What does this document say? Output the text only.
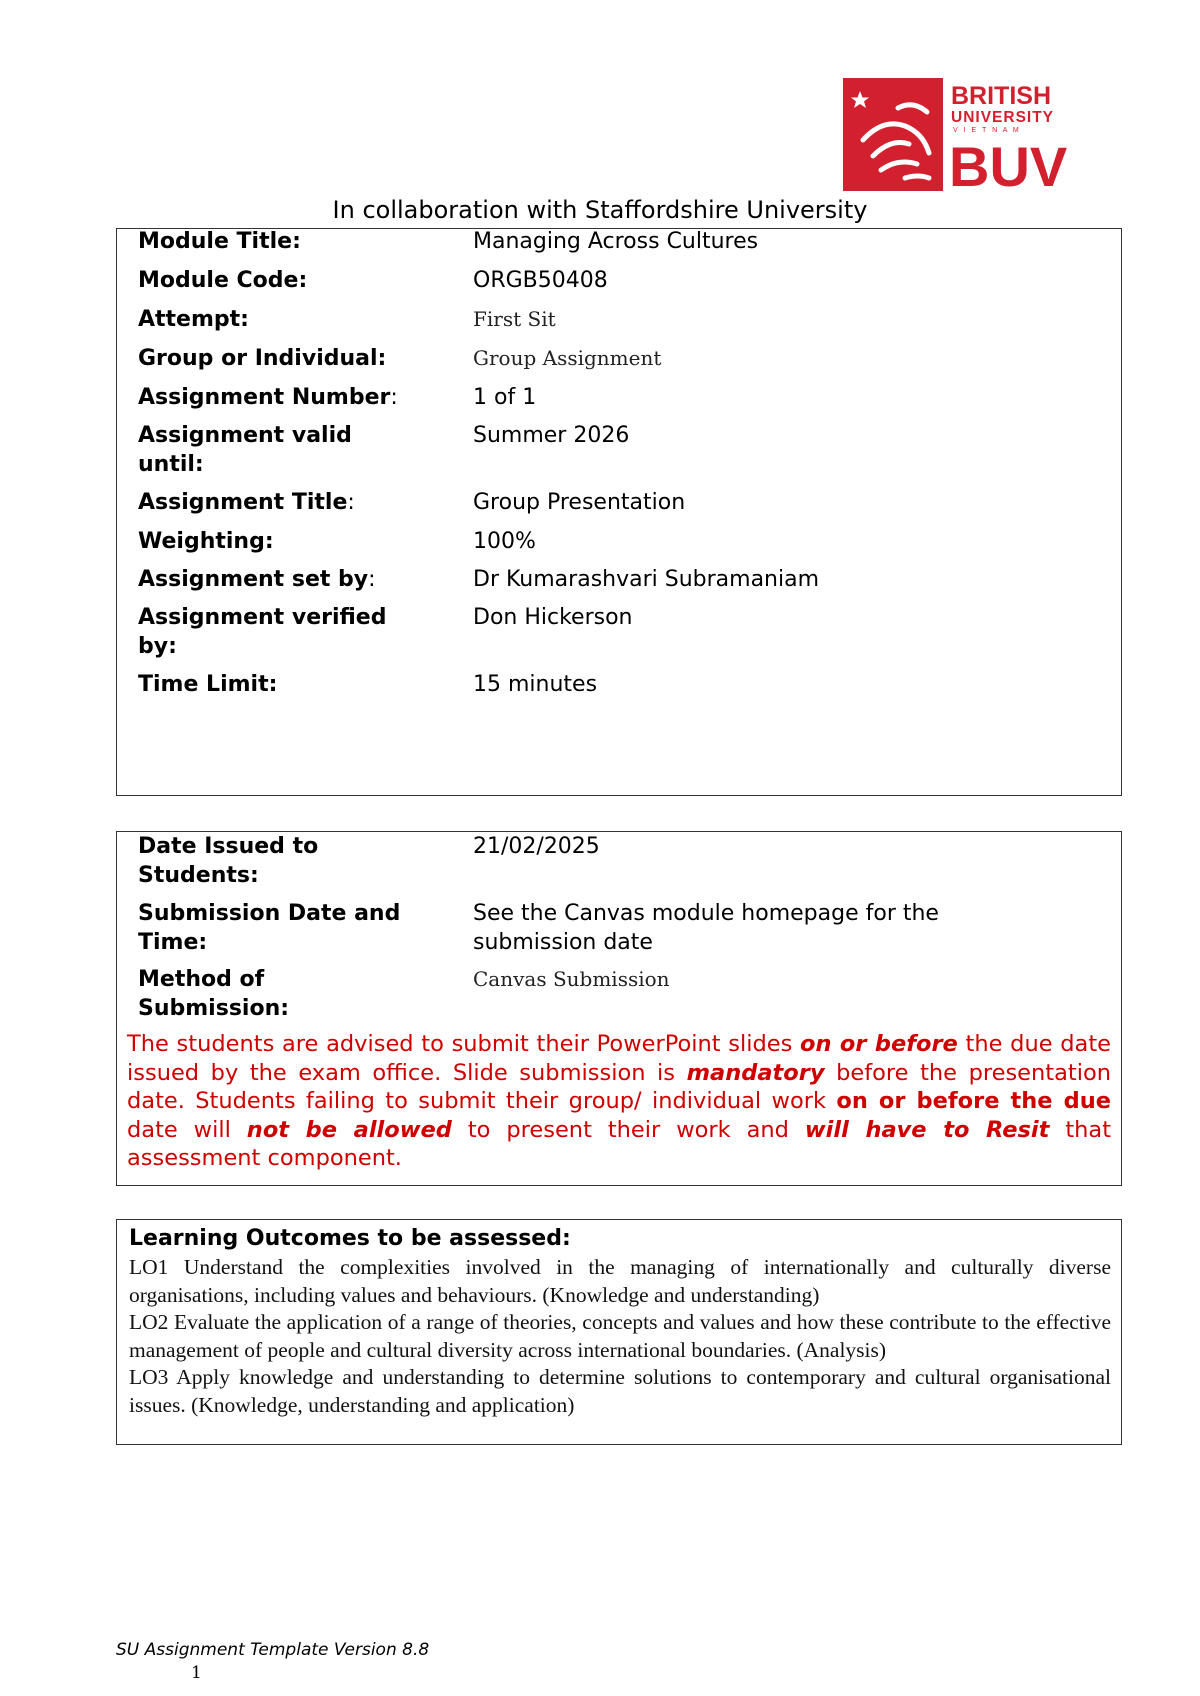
BRITISH
UNIVERSITY
V I E T N A M
BUV
In collaboration with Staffordshire University
Module Title:	Managing Across Cultures
Module Code:	ORGB50408
Attempt:	First Sit
Group or Individual:	Group Assignment
Assignment Number:	1 of 1
Assignment valid until:
Summer 2026
Assignment Title:	Group Presentation
Weighting:	100%
Assignment set by:	Dr Kumarashvari Subramaniam
Assignment verified by:
Don Hickerson
Time Limit:	15 minutes
Date Issued to Students:
21/02/2025
Submission Date and Time:
See the Canvas module homepage for the submission date
Method of Submission:
Canvas Submission
The students are advised to submit their PowerPoint slides on or before the due date issued by the exam office. Slide submission is mandatory before the presentation date. Students failing to submit their group/ individual work on or before the due date will not be allowed to present their work and will have to Resit that assessment component.
Learning Outcomes to be assessed:

LO1 Understand the complexities involved in the managing of internationally and culturally diverse organisations, including values and behaviours. (Knowledge and understanding)

LO2 Evaluate the application of a range of theories, concepts and values and how these contribute to the effective management of people and cultural diversity across international boundaries. (Analysis)

LO3 Apply knowledge and understanding to determine solutions to contemporary and cultural organisational issues. (Knowledge, understanding and application)

SU Assignment Template Version 8.8
1
